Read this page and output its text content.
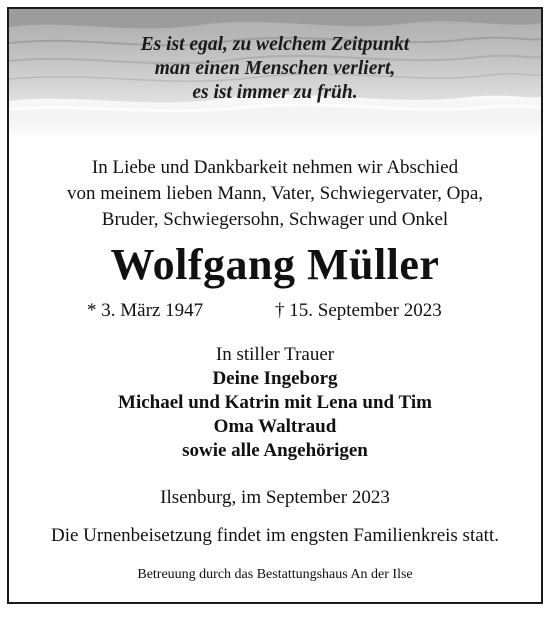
Es ist egal, zu welchem Zeitpunkt
man einen Menschen verliert,
es ist immer zu früh.
In Liebe und Dankbarkeit nehmen wir Abschied
von meinem lieben Mann, Vater, Schwiegervater, Opa,
Bruder, Schwiegersohn, Schwager und Onkel
Wolfgang Müller
* 3. März 1947	† 15. September 2023
In stiller Trauer
Deine Ingeborg
Michael und Katrin mit Lena und Tim
Oma Waltraud
sowie alle Angehörigen
Ilsenburg, im September 2023
Die Urnenbeisetzung findet im engsten Familienkreis statt.
Betreuung durch das Bestattungshaus An der Ilse
